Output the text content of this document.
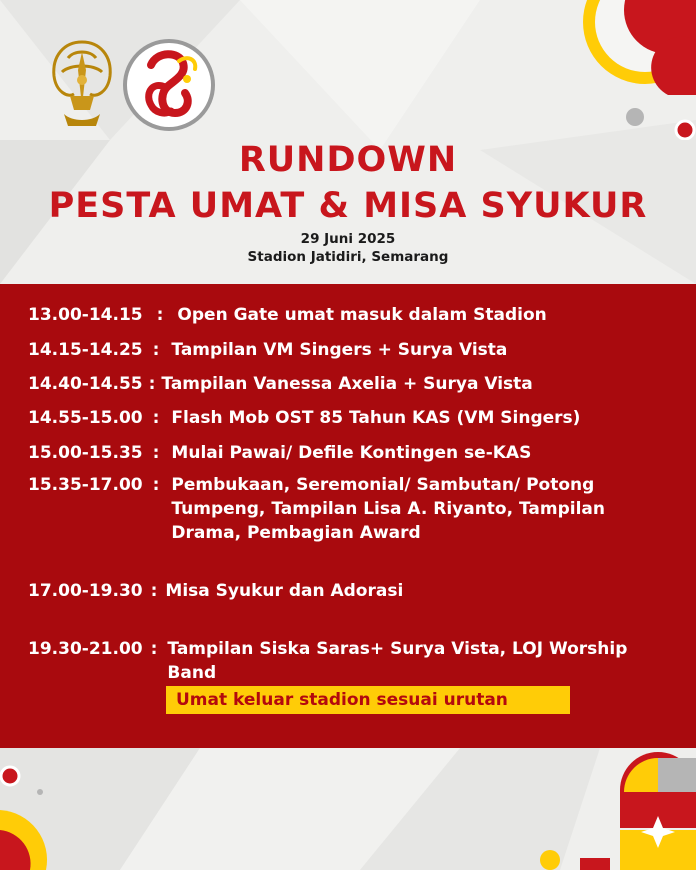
RUNDOWN
PESTA UMAT & MISA SYUKUR
29 Juni 2025
Stadion Jatidiri, Semarang
13.00-14.15 : Open Gate umat masuk dalam Stadion
14.15-14.25 : Tampilan VM Singers + Surya Vista
14.40-14.55 : Tampilan Vanessa Axelia + Surya Vista
14.55-15.00 : Flash Mob OST 85 Tahun KAS (VM Singers)
15.00-15.35 : Mulai Pawai/ Defile Kontingen se-KAS
15.35-17.00 : Pembukaan, Seremonial/ Sambutan/ Potong Tumpeng, Tampilan Lisa A. Riyanto, Tampilan Drama, Pembagian Award
17.00-19.30 : Misa Syukur dan Adorasi
19.30-21.00 : Tampilan Siska Saras+ Surya Vista, LOJ Worship Band
Umat keluar stadion sesuai urutan
